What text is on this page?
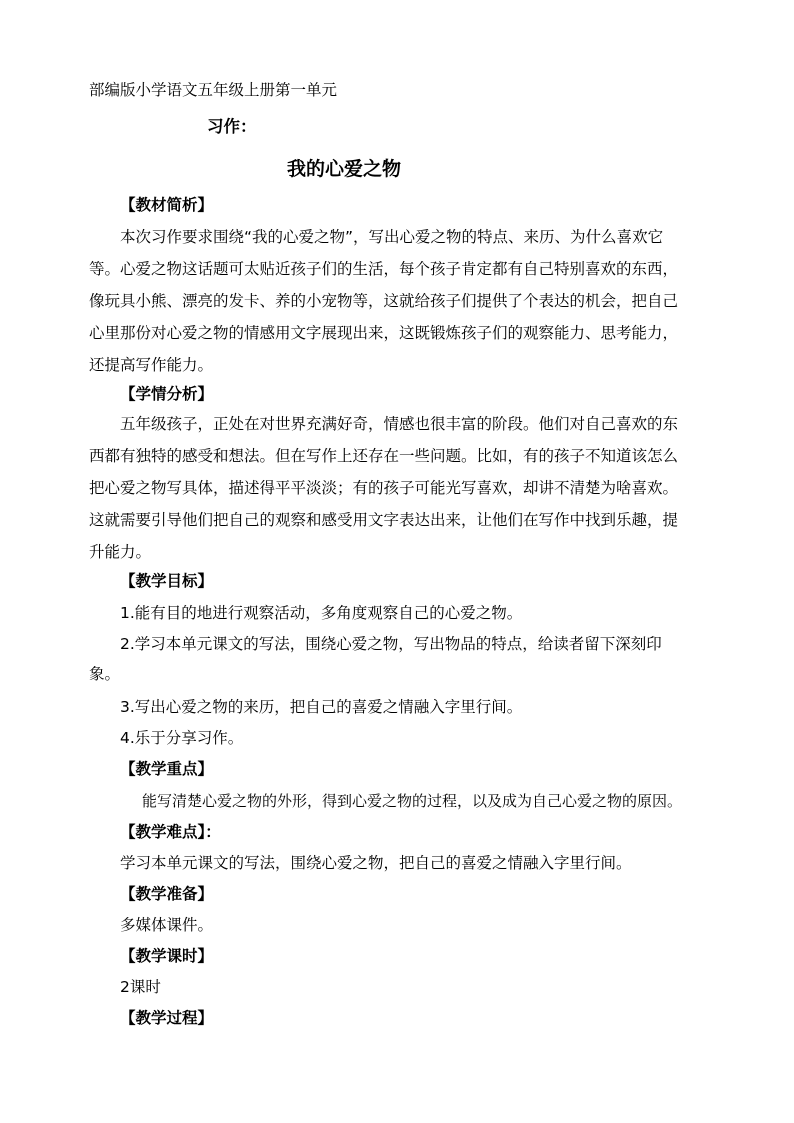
部编版小学语文五年级上册第一单元
习作：
我的心爱之物
【教材简析】
本次习作要求围绕“我的心爱之物”，写出心爱之物的特点、来历、为什么喜欢它
等。心爱之物这话题可太贴近孩子们的生活，每个孩子肯定都有自己特别喜欢的东西，
像玩具小熊、漂亮的发卡、养的小宠物等，这就给孩子们提供了个表达的机会，把自己
心里那份对心爱之物的情感用文字展现出来，这既锻炼孩子们的观察能力、思考能力，
还提高写作能力。
【学情分析】
五年级孩子，正处在对世界充满好奇，情感也很丰富的阶段。他们对自己喜欢的东
西都有独特的感受和想法。但在写作上还存在一些问题。比如，有的孩子不知道该怎么
把心爱之物写具体，描述得平平淡淡；有的孩子可能光写喜欢，却讲不清楚为啥喜欢。
这就需要引导他们把自己的观察和感受用文字表达出来，让他们在写作中找到乐趣，提
升能力。
【教学目标】
1.能有目的地进行观察活动，多角度观察自己的心爱之物。
2.学习本单元课文的写法，围绕心爱之物，写出物品的特点，给读者留下深刻印
象。
3.写出心爱之物的来历，把自己的喜爱之情融入字里行间。
4.乐于分享习作。
【教学重点】
能写清楚心爱之物的外形，得到心爱之物的过程，以及成为自己心爱之物的原因。
【教学难点】：
学习本单元课文的写法，围绕心爱之物，把自己的喜爱之情融入字里行间。
【教学准备】
多媒体课件。
【教学课时】
2课时
【教学过程】
